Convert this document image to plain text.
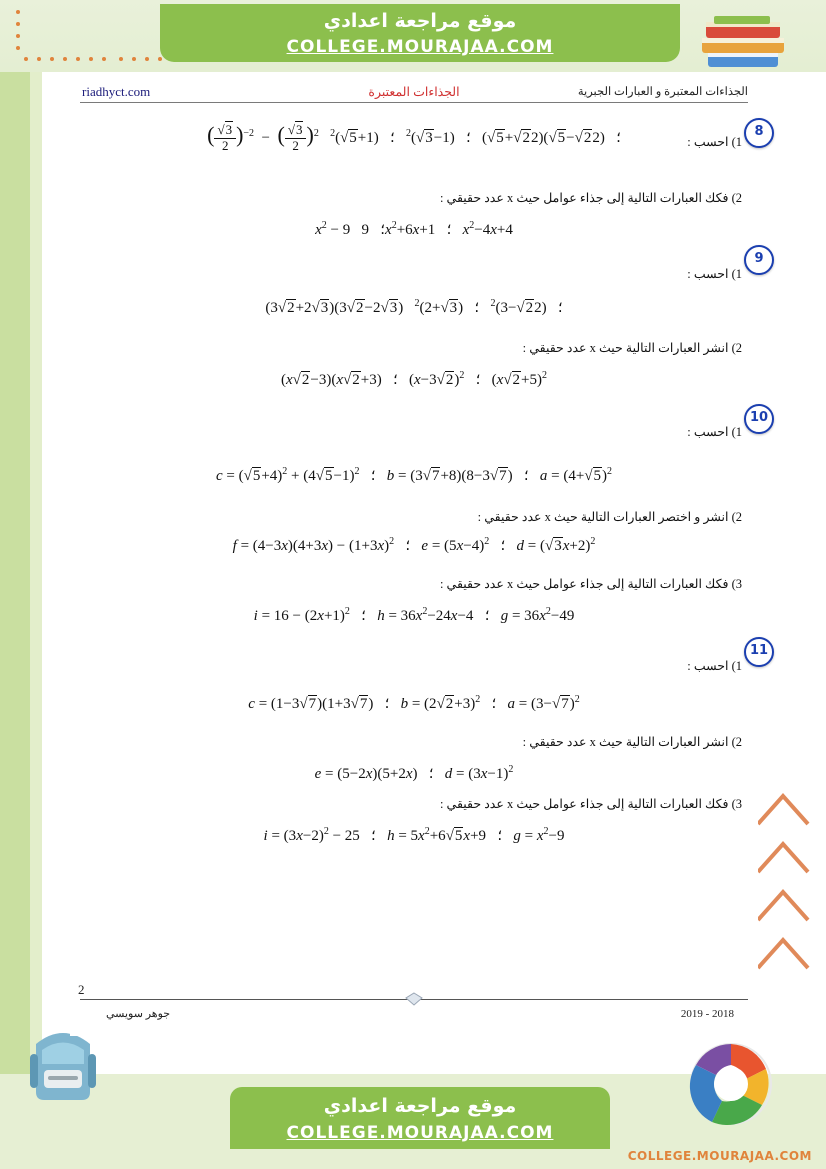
موقع مراجعة اعدادي
COLLEGE.MOURAJAA.COM
riadhyct.com	الجذاءات المعتبرة	الجذاءات المعتبرة و العبارات الجبرية
8
1) احسب :
( $\frac{√3}{2} )^{-2}$  −  ( $\frac{√3}{2} )^2$   ؛   (2√2−√5)(2√2+√5)   ؛   $(1-√3)^2$   ؛   $(1+√5)^2$
2) فكك العبارات التالية إلى جذاء عوامل حيث x عدد حقيقي :
$x^2 - 9$   ؛   $9x^2+6x+1$   ؛   $x^2-4x+4$
9
1) احسب :
(3√2+2√3)(3√2−2√3)   ؛   $(2√2-3)^2$   ؛   $(√3+2)^2$
2) انشر العبارات التالية حيث x عدد حقيقي :
(x√2−3)(x√2+3)   ؛   $(x-3√2)^2$   ؛   $(x√2+5)^2$
10
1) احسب :
$c = (√5+4)^2 + (4√5-1)^2$   ؛   b = (3√7+8)(8−3√7)   ؛   $a = (4+√5)^2$
2) انشر و اختصر العبارات التالية حيث x عدد حقيقي :
$f = (4-3x)(4+3x) - (1+3x)^2$   ؛   $e = (5x-4)^2$   ؛   $d = (√3x+2)^2$
3) فكك العبارات التالية إلى جذاء عوامل حيث x عدد حقيقي :
$i = 16 - (2x+1)^2$   ؛   $h = 36x^2-24x-4$   ؛   $g = 36x^2-49$
11
1) احسب :
c = (1−3√7)(1+3√7)   ؛   $b = (2√2+3)^2$   ؛   $a = (3-√7)^2$
2) انشر العبارات التالية حيث x عدد حقيقي :
e = (5−2x)(5+2x)   ؛   $d = (3x-1)^2$
3) فكك العبارات التالية إلى جذاء عوامل حيث x عدد حقيقي :
$i = (3x-2)^2 - 25$   ؛   $h = 5x^2+6√5x+9$   ؛   $g = x^2-9$
2
جوهر سويسي	2018 - 2019
موقع مراجعة اعدادي
COLLEGE.MOURAJAA.COM
COLLEGE.MOURAJAA.COM
